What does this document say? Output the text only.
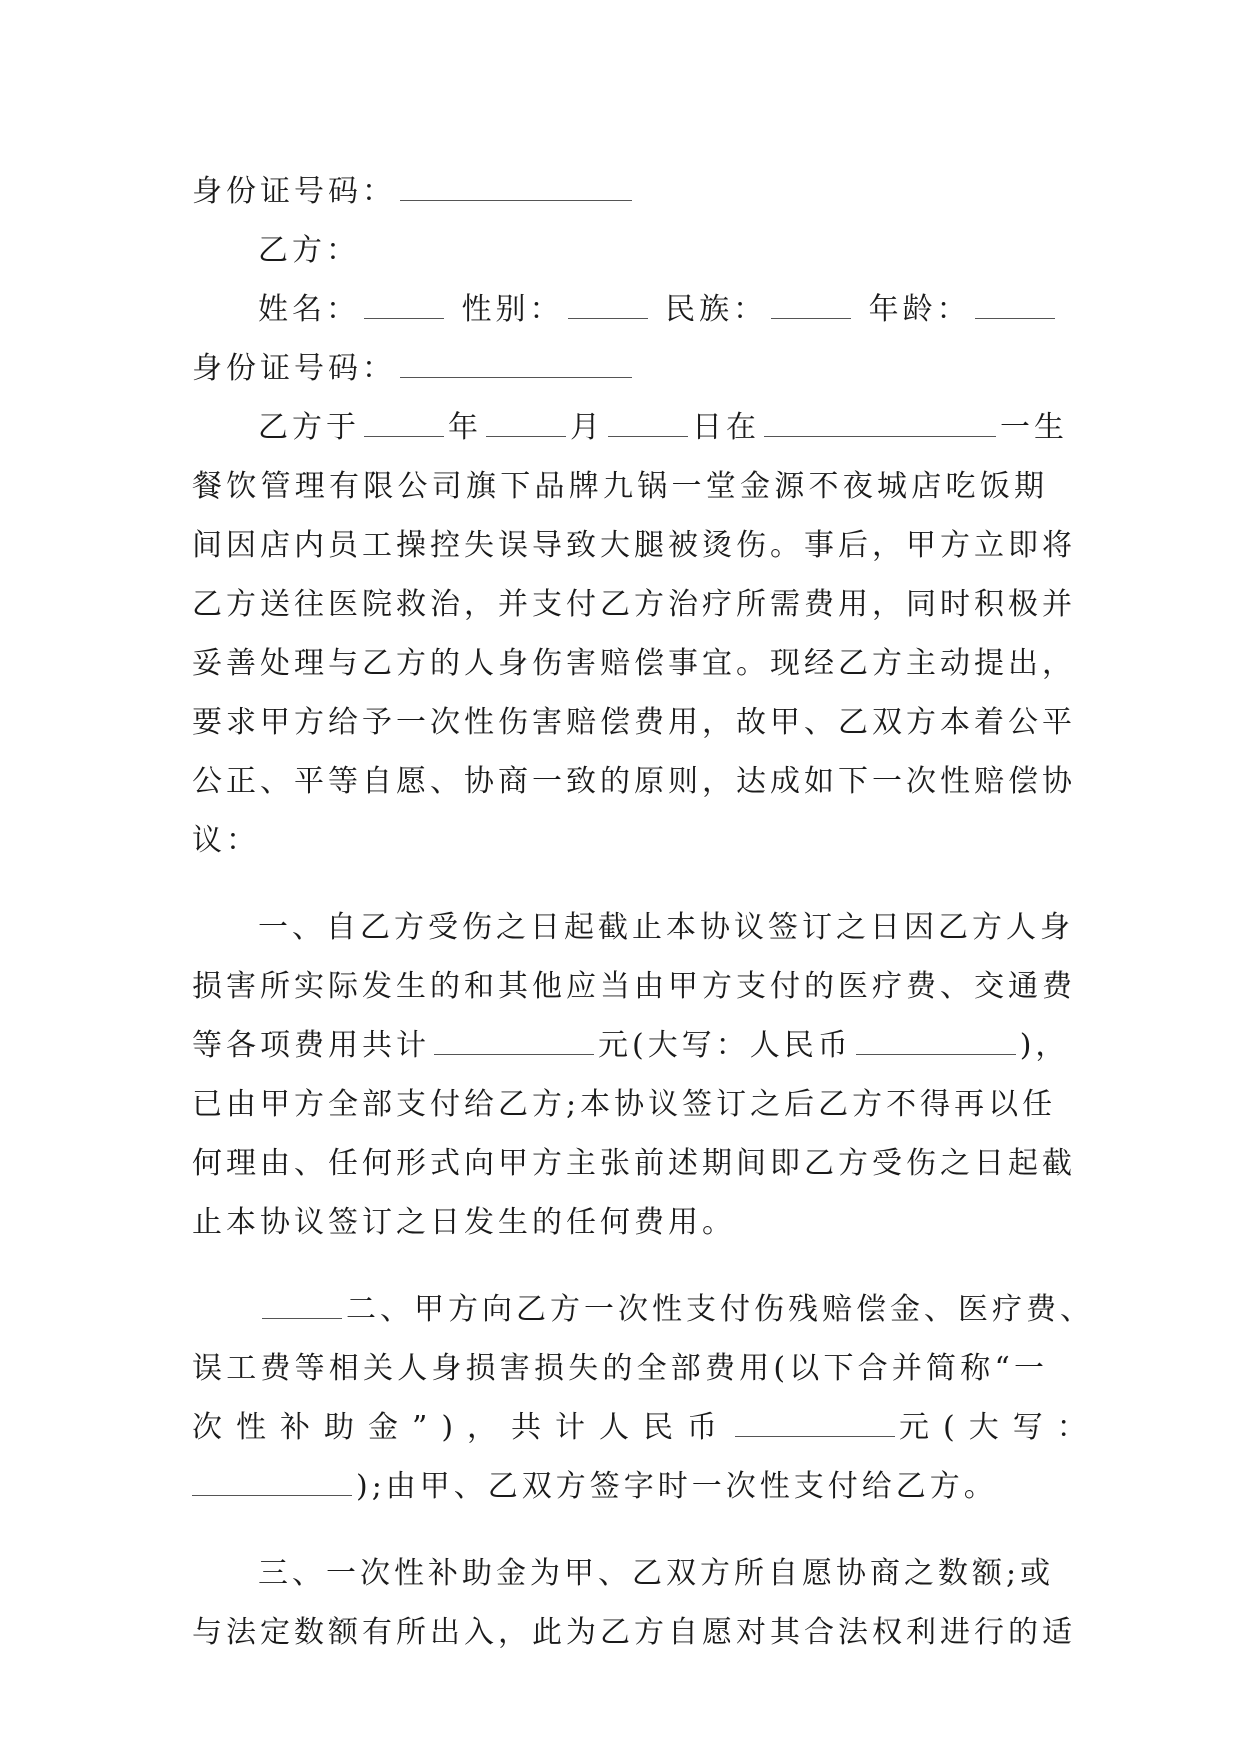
身份证号码：
乙方：
姓名：	性别：	民族：	年龄：
身份证号码：
乙方于	年	月	日在	一生
餐饮管理有限公司旗下品牌九锅一堂金源不夜城店吃饭期
间因店内员工操控失误导致大腿被烫伤。事后，甲方立即将
乙方送往医院救治，并支付乙方治疗所需费用，同时积极并
妥善处理与乙方的人身伤害赔偿事宜。现经乙方主动提出，
要求甲方给予一次性伤害赔偿费用，故甲、乙双方本着公平
公正、平等自愿、协商一致的原则，达成如下一次性赔偿协
议：
一、自乙方受伤之日起截止本协议签订之日因乙方人身
损害所实际发生的和其他应当由甲方支付的医疗费、交通费
等各项费用共计	元(大写：人民币	)，
已由甲方全部支付给乙方;本协议签订之后乙方不得再以任
何理由、任何形式向甲方主张前述期间即乙方受伤之日起截
止本协议签订之日发生的任何费用。
二、甲方向乙方一次性支付伤残赔偿金、医疗费、
误工费等相关人身损害损失的全部费用(以下合并简称“一
次性补助金”)，共计人民币	元(大写：
);由甲、乙双方签字时一次性支付给乙方。
三、一次性补助金为甲、乙双方所自愿协商之数额;或
与法定数额有所出入，此为乙方自愿对其合法权利进行的适
